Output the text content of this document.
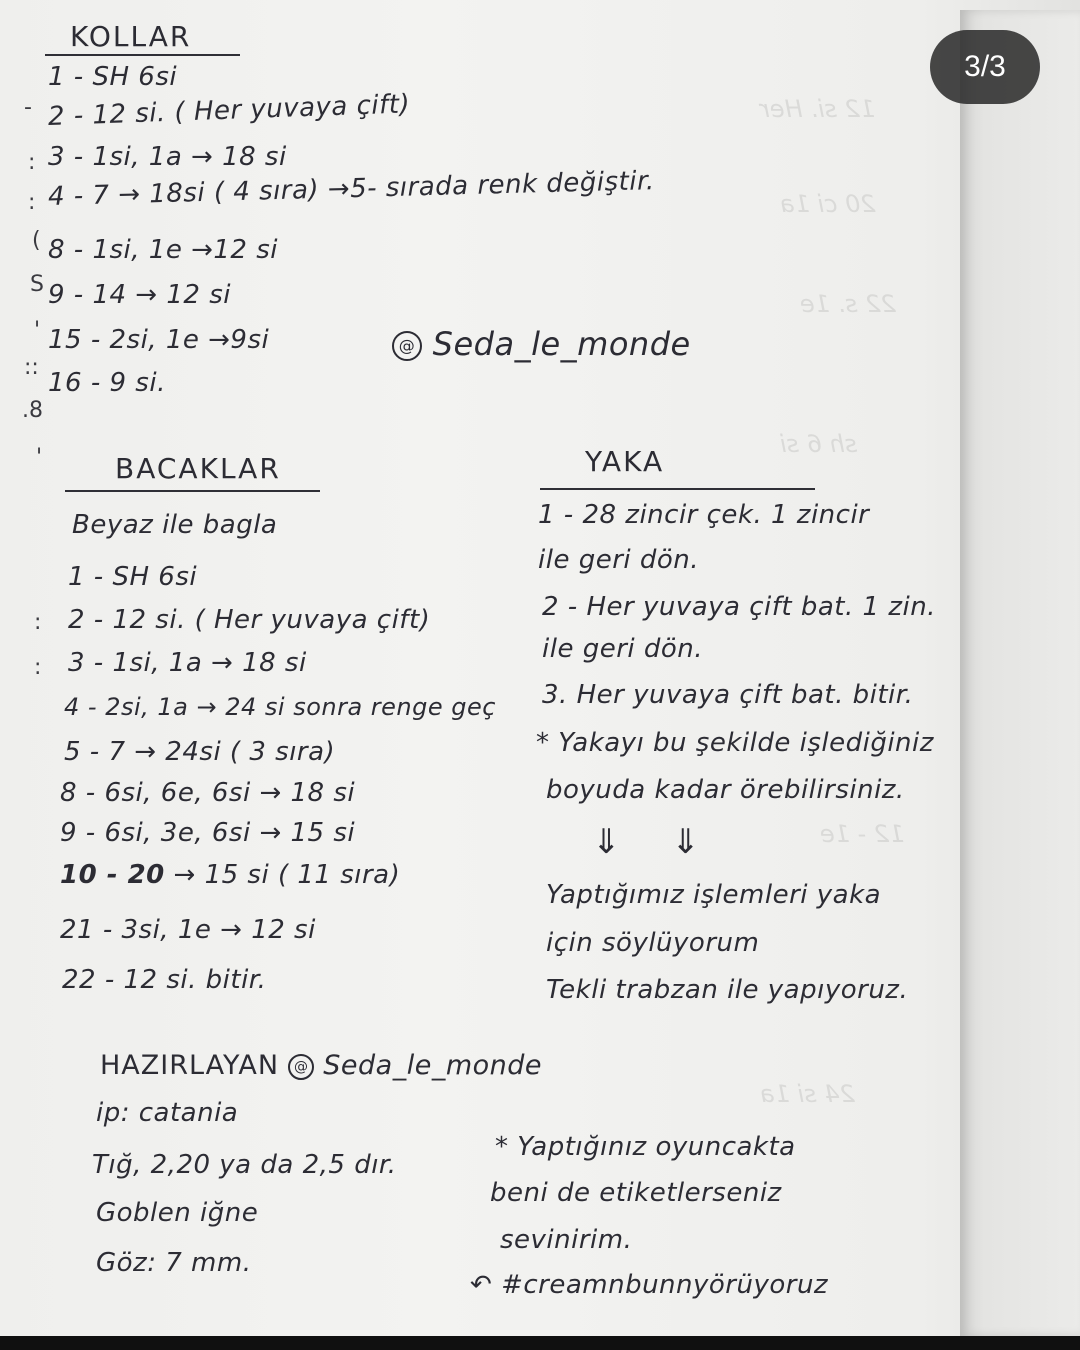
12 si. Her
20 ci 1a
22 s. 1e
sh 6 si
12 - 1e
24 si 1a
-
:
:
(
S
'
::
.8
'
:
:
3/3
KOLLAR
1 - SH 6si
2 - 12 si. ( Her yuvaya çift)
3 - 1si, 1a → 18 si
4 - 7 → 18si ( 4 sıra) →5- sırada renk değiştir.
8 - 1si, 1e →12 si
9 - 14 → 12 si
15 - 2si, 1e →9si
16 - 9 si.
@ Seda_le_monde
BACAKLAR
Beyaz ile bagla
1 - SH 6si
2 - 12 si. ( Her yuvaya çift)
3 - 1si, 1a → 18 si
4 - 2si, 1a → 24 si sonra renge geç
5 - 7 → 24si ( 3 sıra)
8 - 6si, 6e, 6si → 18 si
9 - 6si, 3e, 6si → 15 si
10 - 20 → 15 si ( 11 sıra)
21 - 3si, 1e → 12 si
22 - 12 si. bitir.
YAKA
1 - 28 zincir çek. 1 zincir
ile geri dön.
2 - Her yuvaya çift bat. 1 zin.
ile geri dön.
3. Her yuvaya çift bat. bitir.
* Yakayı bu şekilde işlediğiniz
boyuda kadar örebilirsiniz.
⇓ ⇓
Yaptığımız işlemleri yaka
için söylüyorum
Tekli trabzan ile yapıyoruz.
HAZIRLAYAN @ Seda_le_monde
ip: catania
Tığ, 2,20 ya da 2,5 dır.
Goblen iğne
Göz: 7 mm.
* Yaptığınız oyuncakta
beni de etiketlerseniz
sevinirim.
↶ #creamnbunnyörüyoruz
